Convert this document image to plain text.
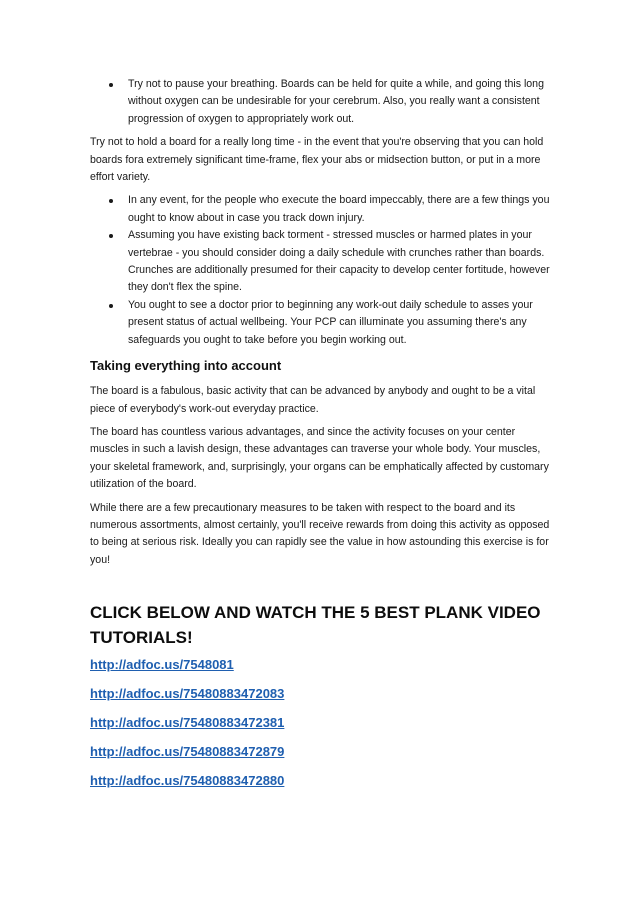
Try not to pause your breathing. Boards can be held for quite a while, and going this long without oxygen can be undesirable for your cerebrum. Also, you really want a consistent progression of oxygen to appropriately work out.

Try not to hold a board for a really long time - in the event that you're observing that you can hold boards fora extremely significant time-frame, flex your abs or midsection button, or put in a more effort variety.

In any event, for the people who execute the board impeccably, there are a few things you ought to know about in case you track down injury.
Assuming you have existing back torment - stressed muscles or harmed plates in your vertebrae - you should consider doing a daily schedule with crunches rather than boards. Crunches are additionally presumed for their capacity to develop center fortitude, however they don't flex the spine.
You ought to see a doctor prior to beginning any work-out daily schedule to asses your present status of actual wellbeing. Your PCP can illuminate you assuming there's any safeguards you ought to take before you begin working out.
Taking everything into account

The board is a fabulous, basic activity that can be advanced by anybody and ought to be a vital piece of everybody's work-out everyday practice.

The board has countless various advantages, and since the activity focuses on your center muscles in such a lavish design, these advantages can traverse your whole body. Your muscles, your skeletal framework, and, surprisingly, your organs can be emphatically affected by customary utilization of the board.

While there are a few precautionary measures to be taken with respect to the board and its numerous assortments, almost certainly, you'll receive rewards from doing this activity as opposed to being at serious risk. Ideally you can rapidly see the value in how astounding this exercise is for you!

CLICK BELOW AND WATCH THE 5 BEST PLANK VIDEO TUTORIALS!
http://adfoc.us/7548081
http://adfoc.us/75480883472083
http://adfoc.us/75480883472381
http://adfoc.us/75480883472879
http://adfoc.us/75480883472880
